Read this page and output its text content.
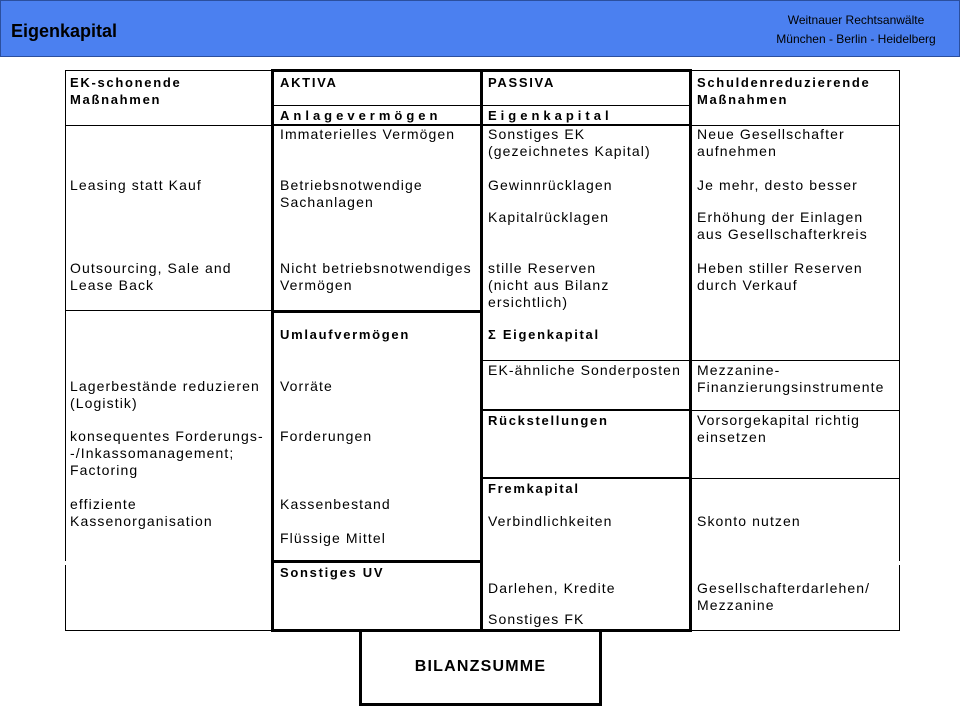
Eigenkapital
Weitnauer Rechtsanwälte
München - Berlin - Heidelberg
EK-schonende
Maßnahmen
Leasing statt Kauf
Outsourcing, Sale and
Lease Back
Lagerbestände reduzieren
(Logistik)
konsequentes Forderungs-
-/Inkassomanagement;
Factoring
effiziente
Kassenorganisation
AKTIVA
Anlagevermögen
Immaterielles Vermögen
Betriebsnotwendige
Sachanlagen
Nicht betriebsnotwendiges
Vermögen
Umlaufvermögen
Vorräte
Forderungen
Kassenbestand
Flüssige Mittel
Sonstiges UV
PASSIVA
Eigenkapital
Sonstiges EK
(gezeichnetes Kapital)
Gewinnrücklagen
Kapitalrücklagen
stille Reserven
(nicht aus Bilanz
ersichtlich)
Σ Eigenkapital
EK-ähnliche Sonderposten
Rückstellungen
Fremkapital
Verbindlichkeiten
Darlehen, Kredite
Sonstiges FK
Schuldenreduzierende
Maßnahmen
Neue Gesellschafter
aufnehmen
Je mehr, desto besser
Erhöhung der Einlagen
aus Gesellschafterkreis
Heben stiller Reserven
durch Verkauf
Mezzanine-
Finanzierungsinstrumente
Vorsorgekapital richtig
einsetzen
Skonto nutzen
Gesellschafterdarlehen/
Mezzanine
BILANZSUMME
